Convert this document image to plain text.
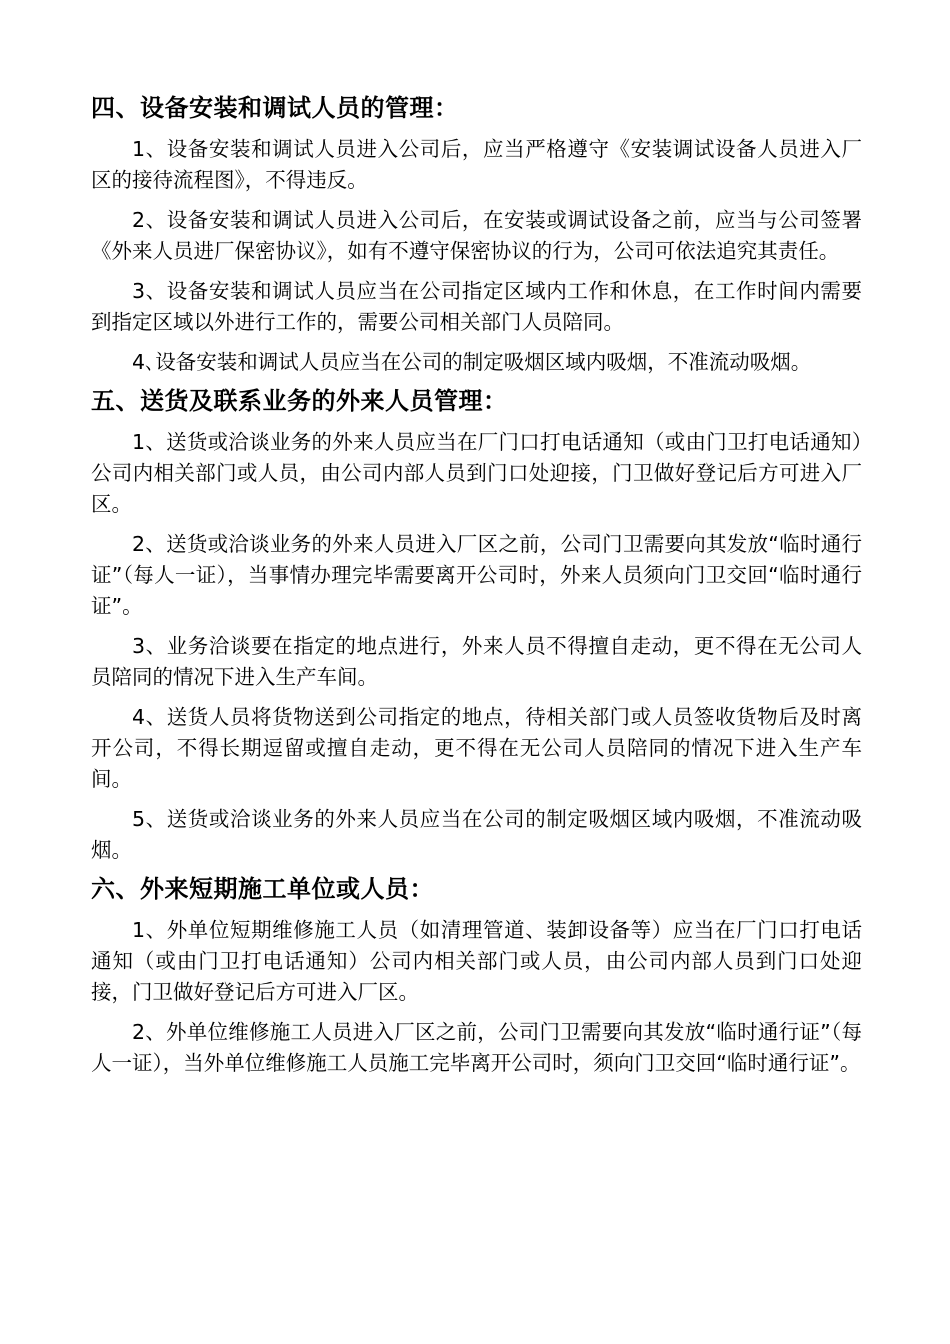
四、设备安装和调试人员的管理：

1、设备安装和调试人员进入公司后，应当严格遵守《安装调试设备人员进入厂区的接待流程图》，不得违反。

2、设备安装和调试人员进入公司后，在安装或调试设备之前，应当与公司签署《外来人员进厂保密协议》，如有不遵守保密协议的行为，公司可依法追究其责任。

3、设备安装和调试人员应当在公司指定区域内工作和休息，在工作时间内需要到指定区域以外进行工作的，需要公司相关部门人员陪同。

4､设备安装和调试人员应当在公司的制定吸烟区域内吸烟，不准流动吸烟。

五、送货及联系业务的外来人员管理：

1、送货或洽谈业务的外来人员应当在厂门口打电话通知（或由门卫打电话通知）公司内相关部门或人员，由公司内部人员到门口处迎接，门卫做好登记后方可进入厂区。

2、送货或洽谈业务的外来人员进入厂区之前，公司门卫需要向其发放“临时通行证”（每人一证），当事情办理完毕需要离开公司时，外来人员须向门卫交回“临时通行证”。

3、业务洽谈要在指定的地点进行，外来人员不得擅自走动，更不得在无公司人员陪同的情况下进入生产车间。

4、送货人员将货物送到公司指定的地点，待相关部门或人员签收货物后及时离开公司，不得长期逗留或擅自走动，更不得在无公司人员陪同的情况下进入生产车间。

5、送货或洽谈业务的外来人员应当在公司的制定吸烟区域内吸烟，不准流动吸烟。

六、外来短期施工单位或人员：

1、外单位短期维修施工人员（如清理管道、装卸设备等）应当在厂门口打电话通知（或由门卫打电话通知）公司内相关部门或人员，由公司内部人员到门口处迎接，门卫做好登记后方可进入厂区。

2、外单位维修施工人员进入厂区之前，公司门卫需要向其发放“临时通行证”（每人一证），当外单位维修施工人员施工完毕离开公司时，须向门卫交回“临时通行证”。
